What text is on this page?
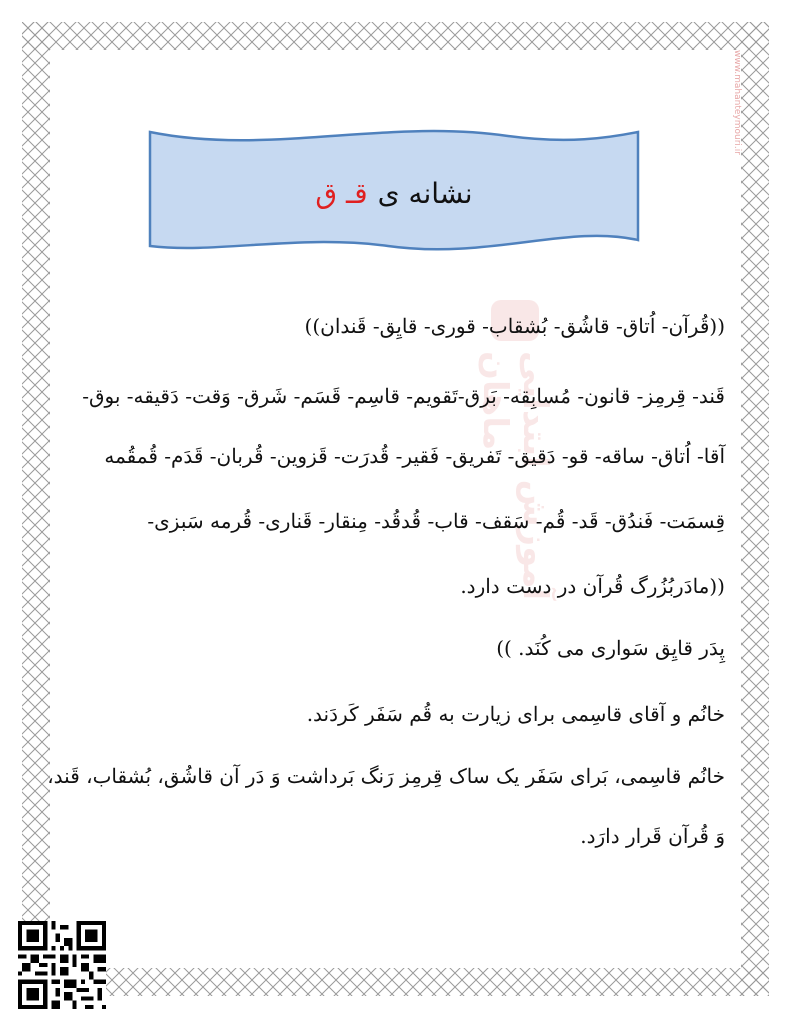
www.mahanteymouri.ir
آموزش ابتدایی ماهان
نشانه ی
قـ ق
((قُرآن- اُتاق- قاشُق- بُشقاب- قوری- قایِق- قَندان))
قَند- قِرمِز- قانون- مُسابِقه- بَرق-تَقویم- قاسِم- قَسَم- شَرق- وَقت- دَقیقه- بوق-
آقا- اُتاق- ساقه- قو- دَقیق- تَفریق- فَقیر- قُدرَت- قَزوین- قُربان- قَدَم- قُمقُمه
قِسمَت- فَندُق- قَد- قُم- سَقف- قاب- قُدقُد- مِنقار- قَناری- قُرمه سَبزی-
((مادَربُزُرگ قُرآن در دست دارد.
پِدَر قایِق سَواری می کُنَد. ))
خانُم و آقای قاسِمی برای زیارت به قُم سَفَر کَردَند.
خانُم قاسِمی، بَرای سَفَر یک ساک قِرمِز رَنگ بَرداشت وَ دَر آن قاشُق، بُشقاب، قَند،
وَ قُرآن قَرار دارَد.
